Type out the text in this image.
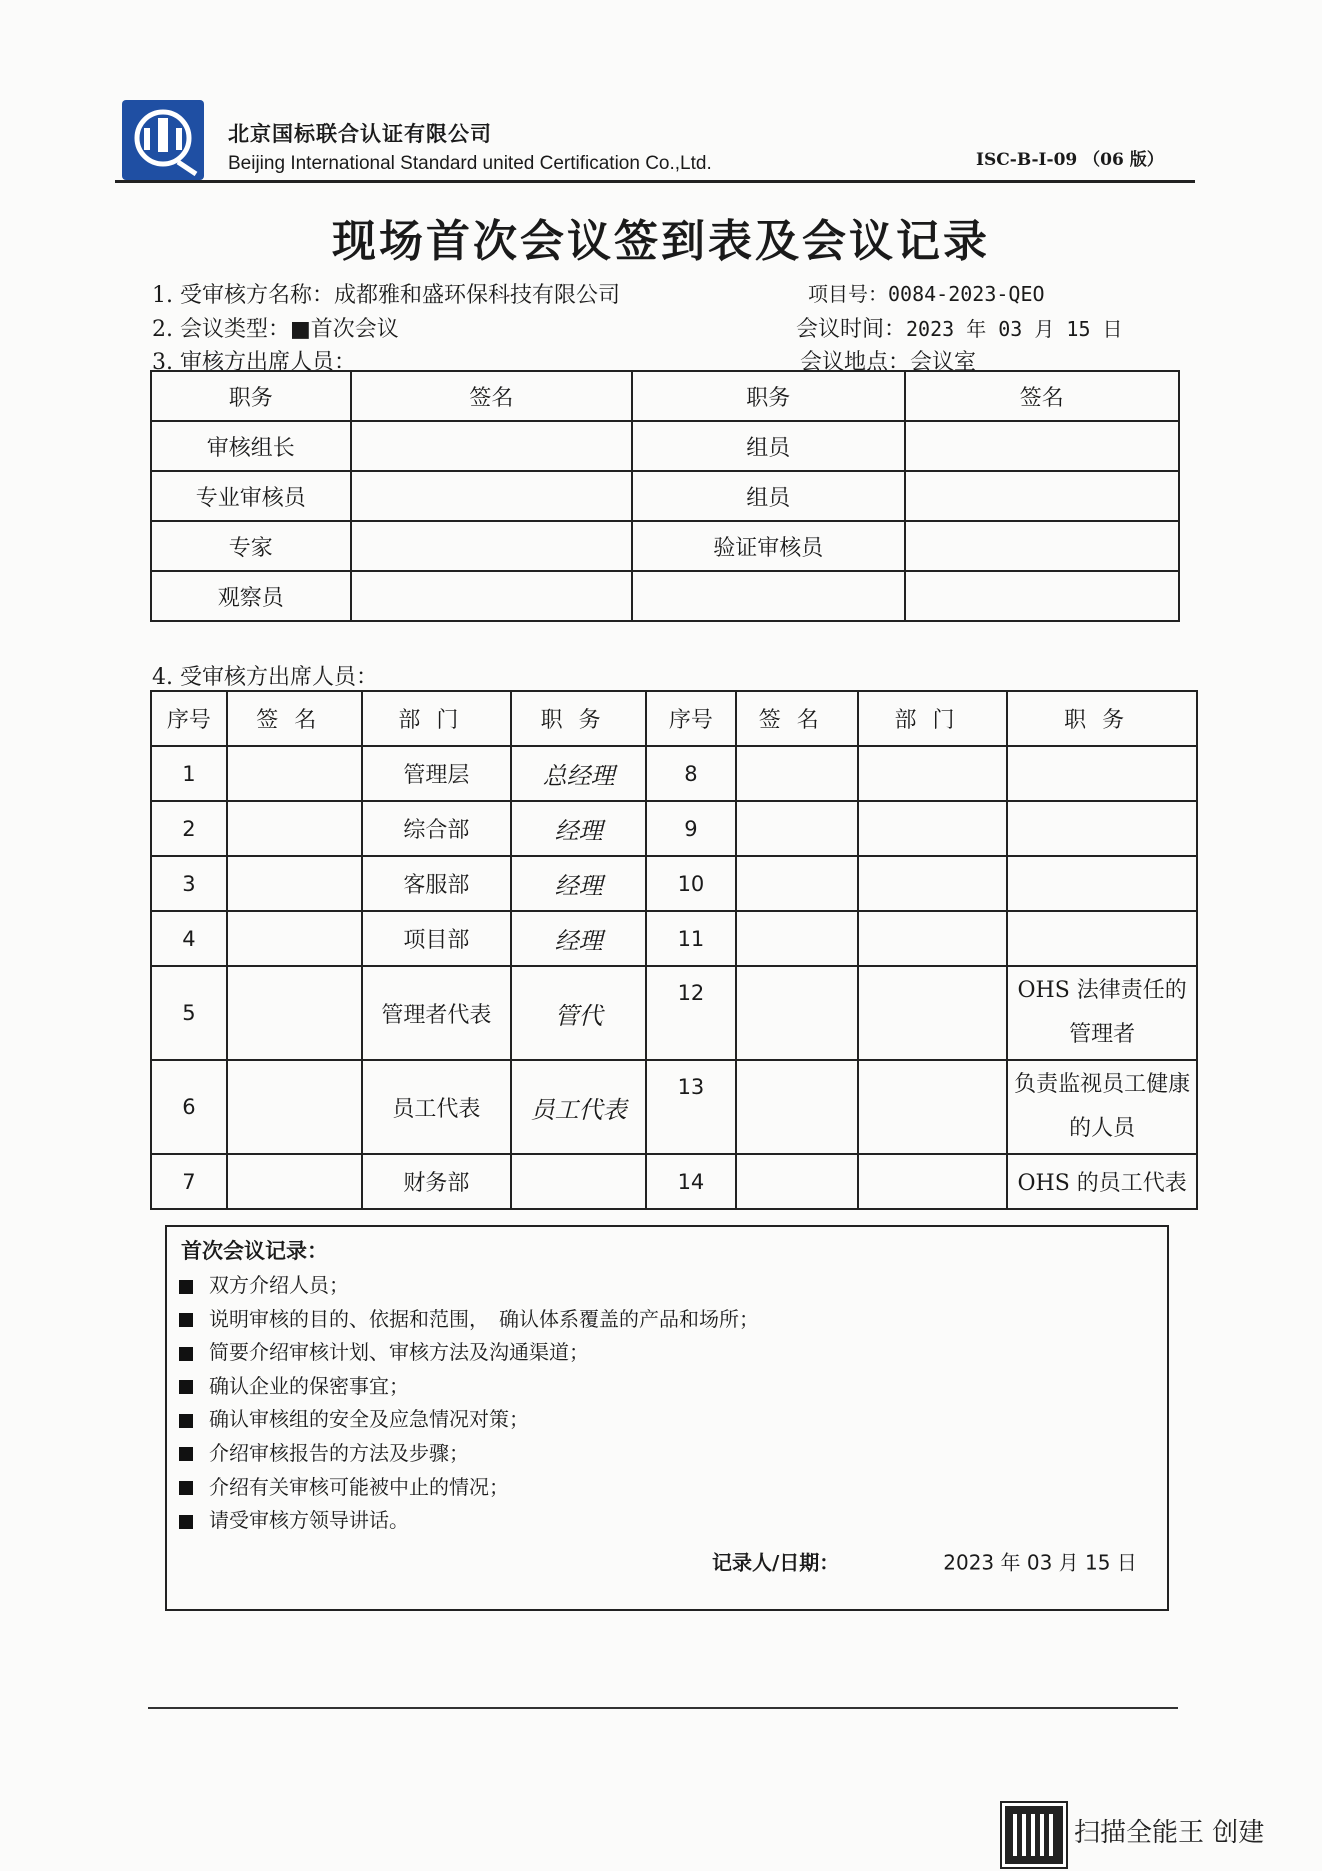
北京国标联合认证有限公司
Beijing International Standard united Certification Co.,Ltd.	ISC-B-I-09 （06 版）
现场首次会议签到表及会议记录
1. 受审核方名称：成都雅和盛环保科技有限公司	项目号：0084-2023-QEO
2. 会议类型：■首次会议	会议时间：2023 年 03 月 15 日
3. 审核方出席人员：	会议地点：会议室
职务	签名	职务	签名
审核组长		组员	
专业审核员		组员	
专家		验证审核员	
观察员			
4. 受审核方出席人员：
序号	签名	部门	职务	序号	签名	部门	职务
1		管理层	总经理	8			
2		综合部	经理	9			
3		客服部	经理	10			
4		项目部	经理	11			
5		管理者代表	管代	12			OHS 法律责任的管理者
6		员工代表	员工代表	13			负责监视员工健康的人员
7		财务部		14			OHS 的员工代表
首次会议记录：
双方介绍人员；
说明审核的目的、依据和范围，　确认体系覆盖的产品和场所；
简要介绍审核计划、审核方法及沟通渠道；
确认企业的保密事宜；
确认审核组的安全及应急情况对策；
介绍审核报告的方法及步骤；
介绍有关审核可能被中止的情况；
请受审核方领导讲话。
记录人/日期：	2023 年 03 月 15 日
扫描全能王 创建
